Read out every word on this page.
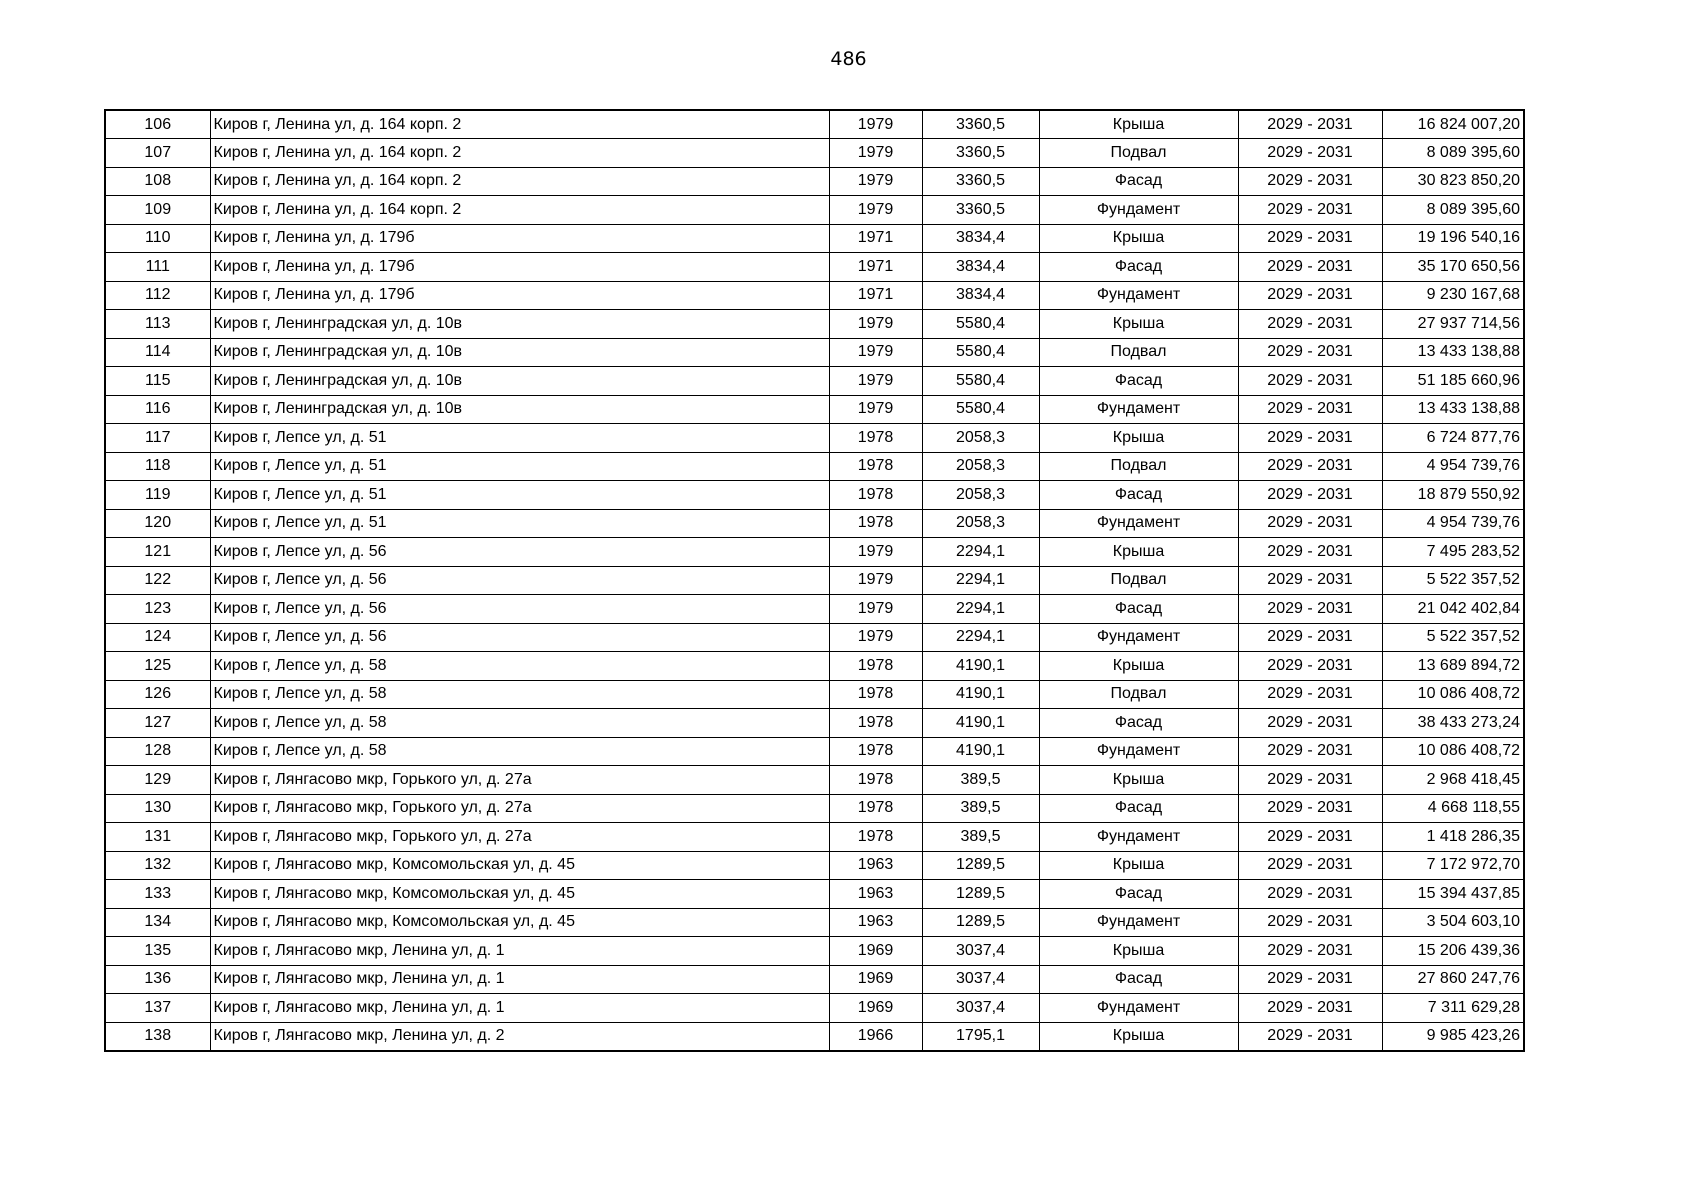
486
106	Киров г, Ленина ул, д. 164 корп. 2	1979	3360,5	Крыша	2029 - 2031	16 824 007,20
107	Киров г, Ленина ул, д. 164 корп. 2	1979	3360,5	Подвал	2029 - 2031	8 089 395,60
108	Киров г, Ленина ул, д. 164 корп. 2	1979	3360,5	Фасад	2029 - 2031	30 823 850,20
109	Киров г, Ленина ул, д. 164 корп. 2	1979	3360,5	Фундамент	2029 - 2031	8 089 395,60
110	Киров г, Ленина ул, д. 179б	1971	3834,4	Крыша	2029 - 2031	19 196 540,16
111	Киров г, Ленина ул, д. 179б	1971	3834,4	Фасад	2029 - 2031	35 170 650,56
112	Киров г, Ленина ул, д. 179б	1971	3834,4	Фундамент	2029 - 2031	9 230 167,68
113	Киров г, Ленинградская ул, д. 10в	1979	5580,4	Крыша	2029 - 2031	27 937 714,56
114	Киров г, Ленинградская ул, д. 10в	1979	5580,4	Подвал	2029 - 2031	13 433 138,88
115	Киров г, Ленинградская ул, д. 10в	1979	5580,4	Фасад	2029 - 2031	51 185 660,96
116	Киров г, Ленинградская ул, д. 10в	1979	5580,4	Фундамент	2029 - 2031	13 433 138,88
117	Киров г, Лепсе ул, д. 51	1978	2058,3	Крыша	2029 - 2031	6 724 877,76
118	Киров г, Лепсе ул, д. 51	1978	2058,3	Подвал	2029 - 2031	4 954 739,76
119	Киров г, Лепсе ул, д. 51	1978	2058,3	Фасад	2029 - 2031	18 879 550,92
120	Киров г, Лепсе ул, д. 51	1978	2058,3	Фундамент	2029 - 2031	4 954 739,76
121	Киров г, Лепсе ул, д. 56	1979	2294,1	Крыша	2029 - 2031	7 495 283,52
122	Киров г, Лепсе ул, д. 56	1979	2294,1	Подвал	2029 - 2031	5 522 357,52
123	Киров г, Лепсе ул, д. 56	1979	2294,1	Фасад	2029 - 2031	21 042 402,84
124	Киров г, Лепсе ул, д. 56	1979	2294,1	Фундамент	2029 - 2031	5 522 357,52
125	Киров г, Лепсе ул, д. 58	1978	4190,1	Крыша	2029 - 2031	13 689 894,72
126	Киров г, Лепсе ул, д. 58	1978	4190,1	Подвал	2029 - 2031	10 086 408,72
127	Киров г, Лепсе ул, д. 58	1978	4190,1	Фасад	2029 - 2031	38 433 273,24
128	Киров г, Лепсе ул, д. 58	1978	4190,1	Фундамент	2029 - 2031	10 086 408,72
129	Киров г, Лянгасово мкр, Горького ул, д. 27а	1978	389,5	Крыша	2029 - 2031	2 968 418,45
130	Киров г, Лянгасово мкр, Горького ул, д. 27а	1978	389,5	Фасад	2029 - 2031	4 668 118,55
131	Киров г, Лянгасово мкр, Горького ул, д. 27а	1978	389,5	Фундамент	2029 - 2031	1 418 286,35
132	Киров г, Лянгасово мкр, Комсомольская ул, д. 45	1963	1289,5	Крыша	2029 - 2031	7 172 972,70
133	Киров г, Лянгасово мкр, Комсомольская ул, д. 45	1963	1289,5	Фасад	2029 - 2031	15 394 437,85
134	Киров г, Лянгасово мкр, Комсомольская ул, д. 45	1963	1289,5	Фундамент	2029 - 2031	3 504 603,10
135	Киров г, Лянгасово мкр, Ленина ул, д. 1	1969	3037,4	Крыша	2029 - 2031	15 206 439,36
136	Киров г, Лянгасово мкр, Ленина ул, д. 1	1969	3037,4	Фасад	2029 - 2031	27 860 247,76
137	Киров г, Лянгасово мкр, Ленина ул, д. 1	1969	3037,4	Фундамент	2029 - 2031	7 311 629,28
138	Киров г, Лянгасово мкр, Ленина ул, д. 2	1966	1795,1	Крыша	2029 - 2031	9 985 423,26
